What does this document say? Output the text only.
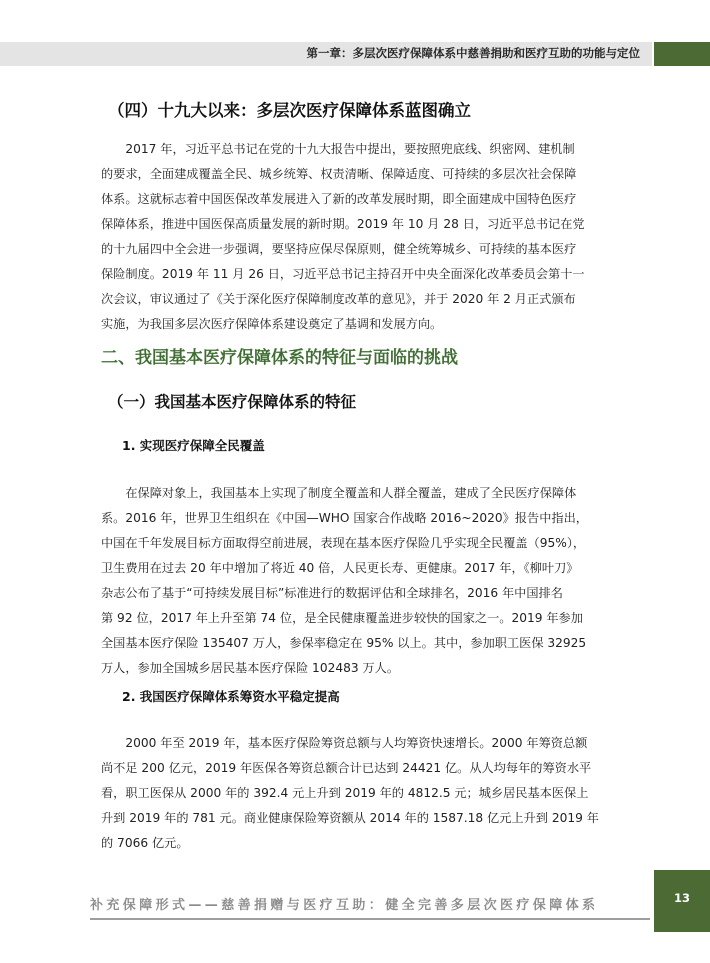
第一章：多层次医疗保障体系中慈善捐助和医疗互助的功能与定位
（四）十九大以来：多层次医疗保障体系蓝图确立
　　2017 年，习近平总书记在党的十九大报告中提出，要按照兜底线、织密网、建机制
的要求，全面建成覆盖全民、城乡统筹、权责清晰、保障适度、可持续的多层次社会保障
体系。这就标志着中国医保改革发展进入了新的改革发展时期，即全面建成中国特色医疗
保障体系，推进中国医保高质量发展的新时期。2019 年 10 月 28 日，习近平总书记在党
的十九届四中全会进一步强调，要坚持应保尽保原则，健全统筹城乡、可持续的基本医疗
保险制度。2019 年 11 月 26 日，习近平总书记主持召开中央全面深化改革委员会第十一
次会议，审议通过了《关于深化医疗保障制度改革的意见》，并于 2020 年 2 月正式颁布
实施，为我国多层次医疗保障体系建设奠定了基调和发展方向。
二、我国基本医疗保障体系的特征与面临的挑战
（一）我国基本医疗保障体系的特征
1. 实现医疗保障全民覆盖
　　在保障对象上，我国基本上实现了制度全覆盖和人群全覆盖，建成了全民医疗保障体
系。2016 年，世界卫生组织在《中国—WHO 国家合作战略 2016~2020》报告中指出，
中国在千年发展目标方面取得空前进展，表现在基本医疗保险几乎实现全民覆盖（95%），
卫生费用在过去 20 年中增加了将近 40 倍，人民更长寿、更健康。2017 年，《柳叶刀》
杂志公布了基于“可持续发展目标”标准进行的数据评估和全球排名，2016 年中国排名
第 92 位，2017 年上升至第 74 位，是全民健康覆盖进步较快的国家之一。2019 年参加
全国基本医疗保险 135407 万人，参保率稳定在 95% 以上。其中，参加职工医保 32925
万人，参加全国城乡居民基本医疗保险 102483 万人。
2. 我国医疗保障体系筹资水平稳定提高
　　2000 年至 2019 年，基本医疗保险筹资总额与人均筹资快速增长。2000 年筹资总额
尚不足 200 亿元，2019 年医保各筹资总额合计已达到 24421 亿。从人均每年的筹资水平
看，职工医保从 2000 年的 392.4 元上升到 2019 年的 4812.5 元；城乡居民基本医保上
升到 2019 年的 781 元。商业健康保险筹资额从 2014 年的 1587.18 亿元上升到 2019 年
的 7066 亿元。
补充保障形式——慈善捐赠与医疗互助：健全完善多层次医疗保障体系	13
